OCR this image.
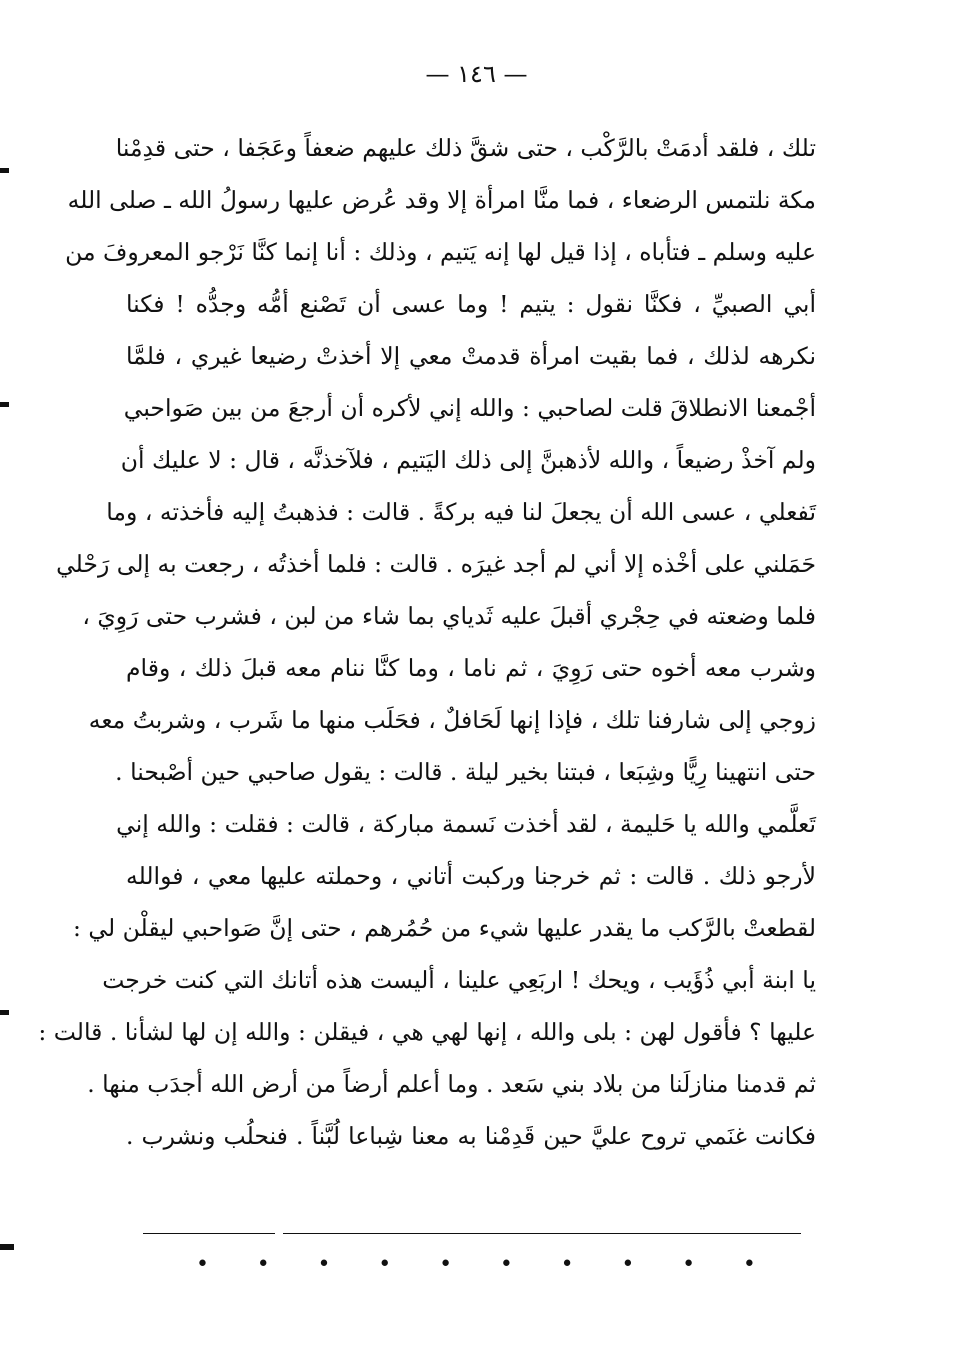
— ١٤٦ —
تلك ، فلقد أدمَتْ بالرَّكْب ، حتى شقَّ ذلك عليهم ضعفاً وعَجَفا ، حتى قدِمْنا
مكة نلتمس الرضعاء ، فما منَّا امرأة إلا وقد عُرض عليها رسولُ الله ـ صلى الله
عليه وسلم ـ فتأباه ، إذا قيل لها إنه يَتيم ، وذلك : أنا إنما كنَّا نَرْجو المعروفَ من
أبي الصبيِّ ، فكنَّا نقول : يتيم ! وما عسى أن تَصْنع أمُّه وجدُّه ! فكنا
نكرهه لذلك ، فما بقيت امرأة قدمتْ معي إلا أخذتْ رضيعا غيري ، فلمَّا
أجْمعنا الانطلاقَ قلت لصاحبي : والله إني لأكره أن أرجعَ من بين صَواحبي
ولم آخذْ رضيعاً ، والله لأذهبنَّ إلى ذلك اليَتيم ، فلآخذنَّه ، قال : لا عليك أن
تَفعلي ، عسى الله أن يجعلَ لنا فيه بركةً . قالت : فذهبتُ إليه فأخذته ، وما
حَمَلني على أخْذه إلا أني لم أجد غيرَه . قالت : فلما أخذتُه ، رجعت به إلى رَحْلي
فلما وضعته في حِجْري أقبلَ عليه ثَدياي بما شاء من لبن ، فشرب حتى رَوِيَ ،
وشرب معه أخوه حتى رَوِيَ ، ثم ناما ، وما كنَّا ننام معه قبلَ ذلك ، وقام
زوجي إلى شارفنا تلك ، فإذا إنها لَحَافلٌ ، فحَلَب منها ما شَرب ، وشربتُ معه
حتى انتهينا رِيًّا وشِبَعا ، فبتنا بخير ليلة . قالت : يقول صاحبي حين أصْبحنا .
تَعلَّمي والله يا حَليمة ، لقد أخذت نَسمة مباركة ، قالت : فقلت : والله إني
لأرجو ذلك . قالت : ثم خرجنا وركبت أتاني ، وحملته عليها معي ، فوالله
لقطعتْ بالرَّكب ما يقدر عليها شيء من حُمُرهم ، حتى إنَّ صَواحبي ليقلْن لي :
يا ابنة أبي ذُؤَيب ، ويحك ! اربَعِي علينا ، أليست هذه أتانك التي كنت خرجت
عليها ؟ فأقول لهن : بلى والله ، إنها لهي هي ، فيقلن : والله إن لها لشأنا . قالت :
ثم قدمنا منازلَنا من بلاد بني سَعد . وما أعلم أرضاً من أرض الله أجدَب منها .
فكانت غنَمي تروح عليَّ حين قَدِمْنا به معنا شِباعا لُبَّناً . فنحلُب ونشرب .
• • • • • • • • • •
